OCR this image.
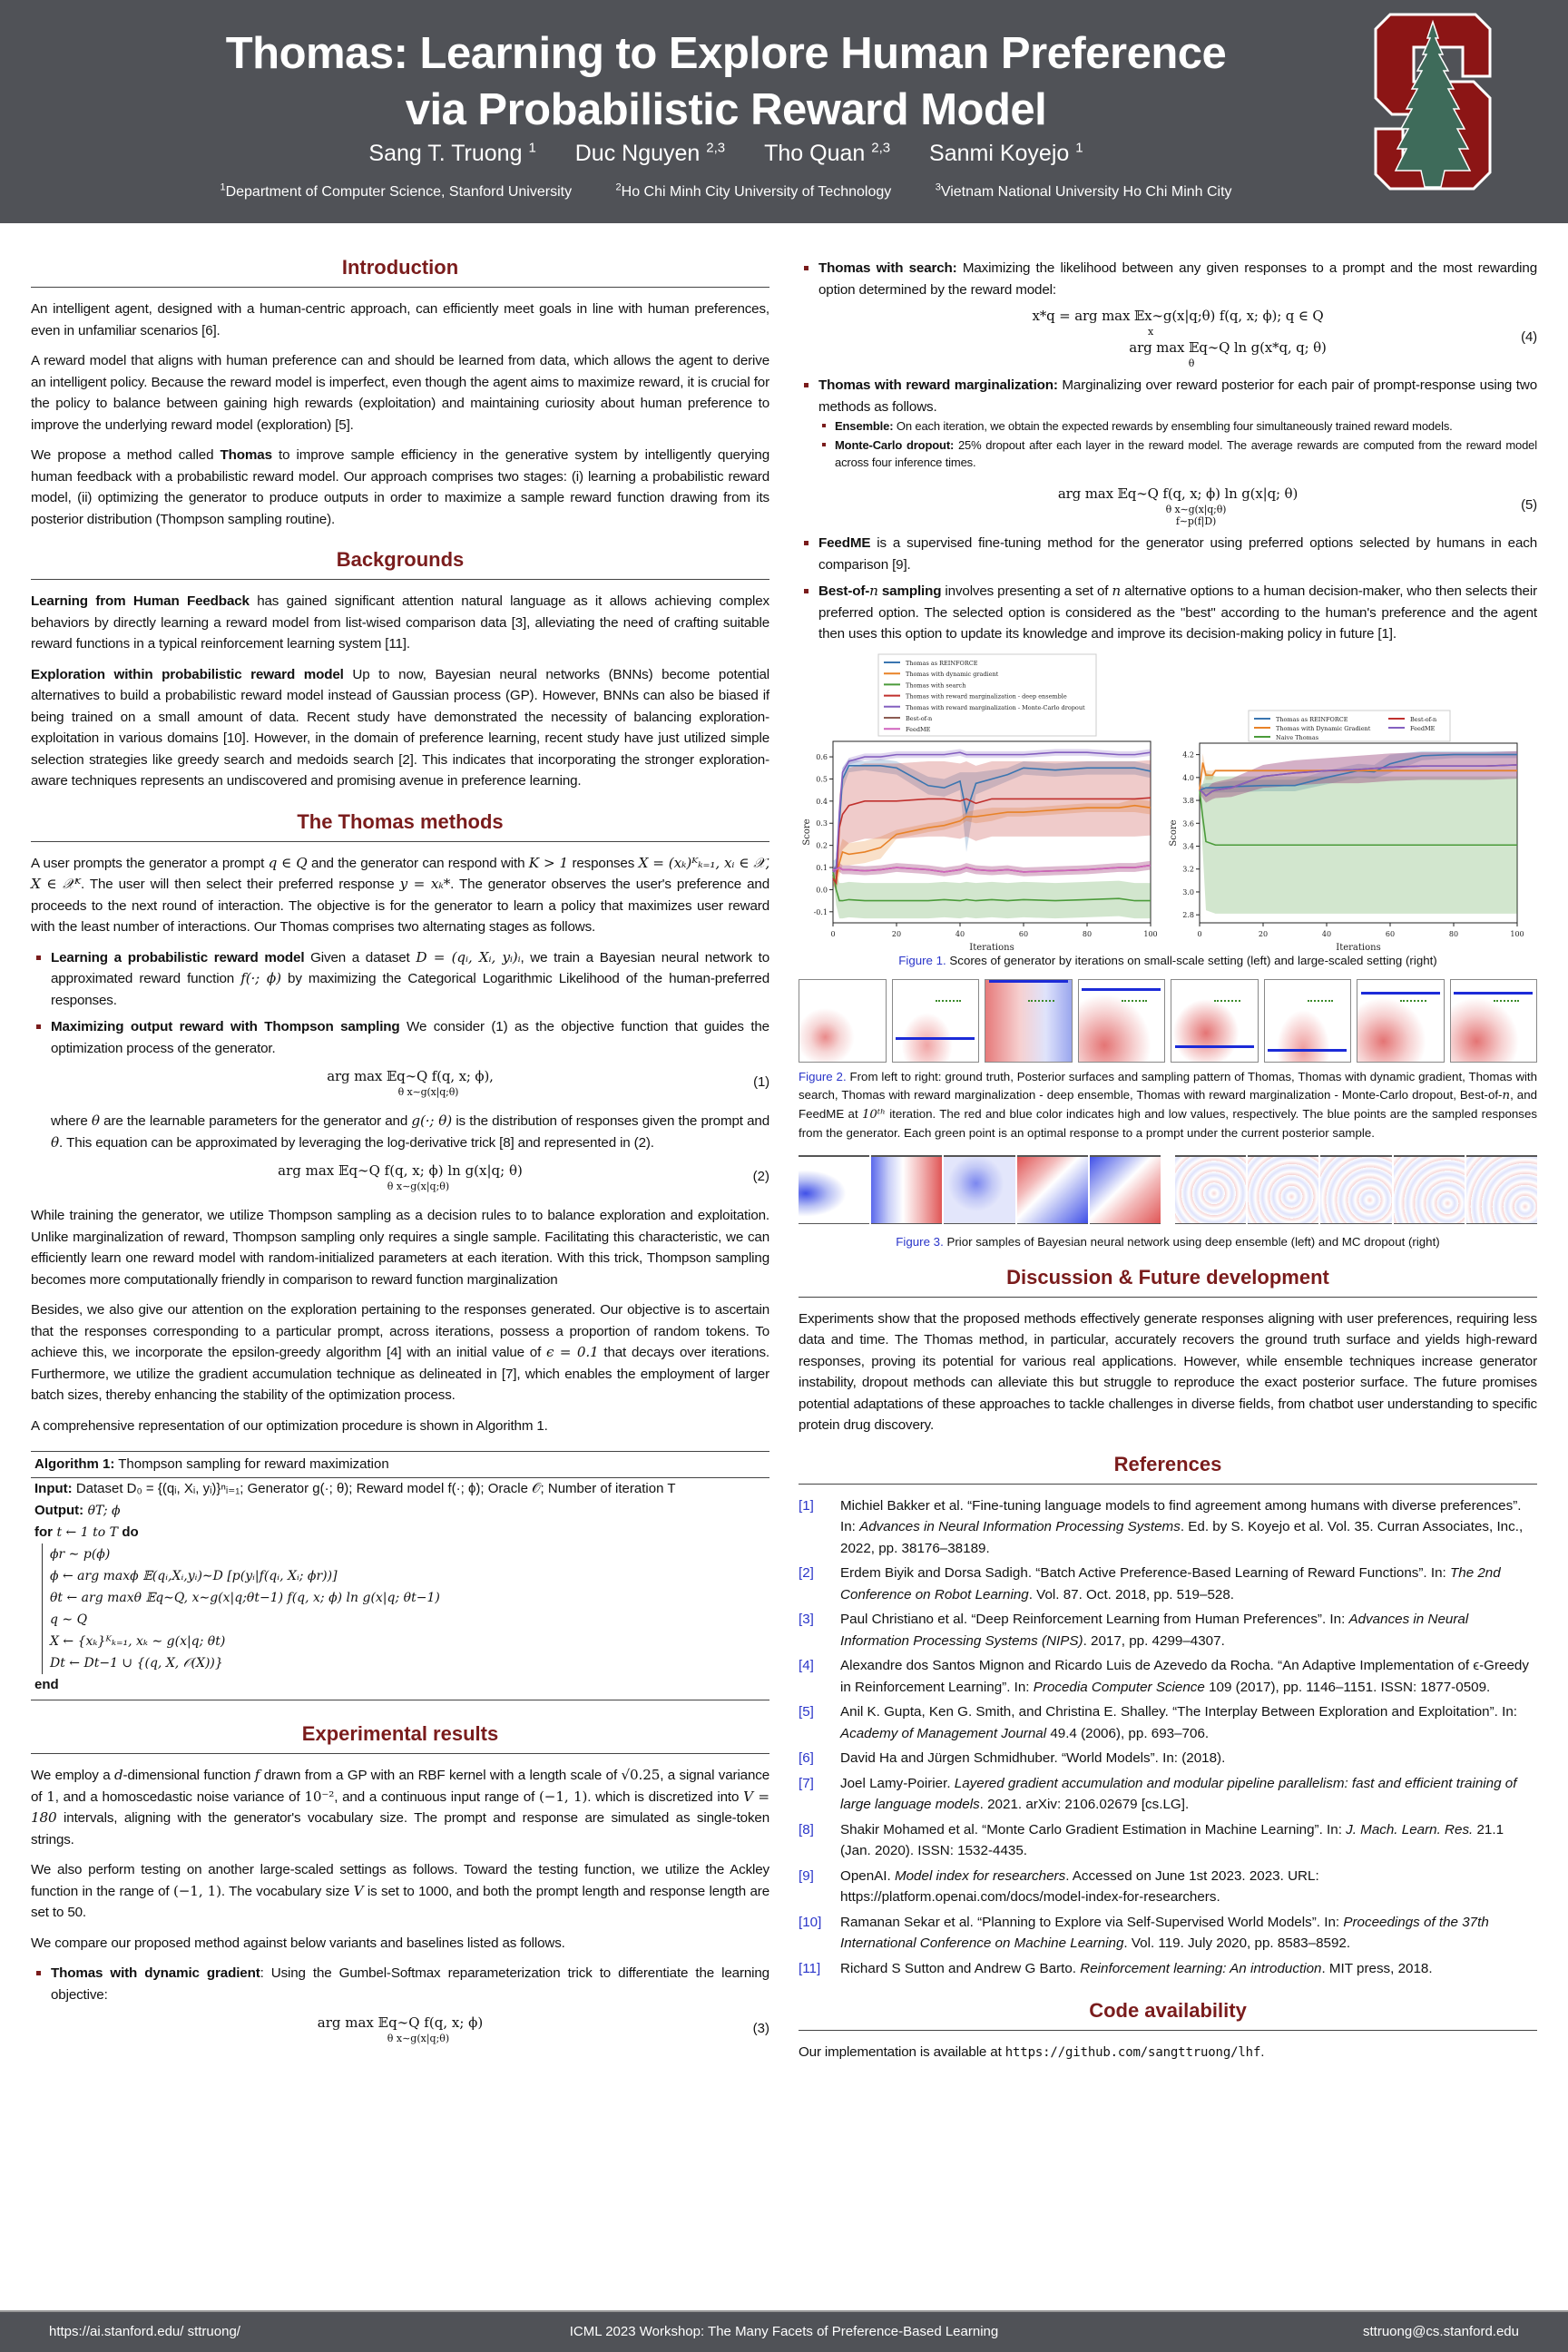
Thomas: Learning to Explore Human Preference
via Probabilistic Reward Model
Sang T. Truong $^1$ Duc Nguyen $^{2,3}$ Tho Quan $^{2,3}$ Sanmi Koyejo $^1$
$^1$Department of Computer Science, Stanford University	$^2$Ho Chi Minh City University of Technology	$^3$Vietnam National University Ho Chi Minh City
Introduction

An intelligent agent, designed with a human-centric approach, can efficiently meet goals in line with human preferences, even in unfamiliar scenarios [6].

A reward model that aligns with human preference can and should be learned from data, which allows the agent to derive an intelligent policy. Because the reward model is imperfect, even though the agent aims to maximize reward, it is crucial for the policy to balance between gaining high rewards (exploitation) and maintaining curiosity about human preference to improve the underlying reward model (exploration) [5].

We propose a method called Thomas to improve sample efficiency in the generative system by intelligently querying human feedback with a probabilistic reward model. Our approach comprises two stages: (i) learning a probabilistic reward model, (ii) optimizing the generator to produce outputs in order to maximize a sample reward function drawing from its posterior distribution (Thompson sampling routine).

Backgrounds

Learning from Human Feedback has gained significant attention natural language as it allows achieving complex behaviors by directly learning a reward model from list-wised comparison data [3], alleviating the need of crafting suitable reward functions in a typical reinforcement learning system [11].

Exploration within probabilistic reward model Up to now, Bayesian neural networks (BNNs) become potential alternatives to build a probabilistic reward model instead of Gaussian process (GP). However, BNNs can also be biased if being trained on a small amount of data. Recent study have demonstrated the necessity of balancing exploration-exploitation in various domains [10]. However, in the domain of preference learning, recent study have just utilized simple selection strategies like greedy search and medoids search [2]. This indicates that incorporating the stronger exploration-aware techniques represents an undiscovered and promising avenue in preference learning.

The Thomas methods

A user prompts the generator a prompt q ∈ Q and the generator can respond with K > 1 responses X = (xₖ)ᴷₖ₌₁, xᵢ ∈ 𝒳, X ∈ 𝒳ᴷ. The user will then select their preferred response y = xₖ*. The generator observes the user's preference and proceeds to the next round of interaction. The objective is for the generator to learn a policy that maximizes user reward with the least number of interactions. Our Thomas comprises two alternating stages as follows.

Learning a probabilistic reward model Given a dataset D = (qᵢ, Xᵢ, yᵢ)ᵢ, we train a Bayesian neural network to approximated reward function f(·; ϕ) by maximizing the Categorical Logarithmic Likelihood of the human-preferred responses.
Maximizing output reward with Thompson sampling We consider (1) as the objective function that guides the optimization process of the generator.
arg max 𝔼q∼Q f(q, x; ϕ),
θ x∼g(x|q;θ)
(1)
where θ are the learnable parameters for the generator and g(·; θ) is the distribution of responses given the prompt and θ. This equation can be approximated by leveraging the log-derivative trick [8] and represented in (2).
arg max 𝔼q∼Q f(q, x; ϕ) ln g(x|q; θ)
θ x∼g(x|q;θ)
(2)

While training the generator, we utilize Thompson sampling as a decision rules to to balance exploration and exploitation. Unlike marginalization of reward, Thompson sampling only requires a single sample. Facilitating this characteristic, we can efficiently learn one reward model with random-initialized parameters at each iteration. With this trick, Thompson sampling becomes more computationally friendly in comparison to reward function marginalization

Besides, we also give our attention on the exploration pertaining to the responses generated. Our objective is to ascertain that the responses corresponding to a particular prompt, across iterations, possess a proportion of random tokens. To achieve this, we incorporate the epsilon-greedy algorithm [4] with an initial value of ϵ = 0.1 that decays over iterations. Furthermore, we utilize the gradient accumulation technique as delineated in [7], which enables the employment of larger batch sizes, thereby enhancing the stability of the optimization process.

A comprehensive representation of our optimization procedure is shown in Algorithm 1.

Algorithm 1: Thompson sampling for reward maximization
Input: Dataset D₀ = {(qᵢ, Xᵢ, yᵢ)}ⁿᵢ₌₁; Generator g(·; θ); Reward model f(·; ϕ); Oracle 𝒪; Number of iteration T
Output: θT; ϕ
for t ← 1 to T do
ϕr ∼ p(ϕ)
ϕ ← arg maxϕ 𝔼(qᵢ,Xᵢ,yᵢ)∼D [p(yᵢ|f(qᵢ, Xᵢ; ϕr))]
θt ← arg maxθ 𝔼q∼Q, x∼g(x|q;θt−1) f(q, x; ϕ) ln g(x|q; θt−1)
q ∼ Q
X ← {xₖ}ᴷₖ₌₁, xₖ ∼ g(x|q; θt)
Dt ← Dt−1 ∪ {(q, X, 𝒪(X))}
end
Experimental results

We employ a d-dimensional function f drawn from a GP with an RBF kernel with a length scale of √0.25, a signal variance of 1, and a homoscedastic noise variance of 10⁻², and a continuous input range of (−1, 1). which is discretized into V = 180 intervals, aligning with the generator's vocabulary size. The prompt and response are simulated as single-token strings.

We also perform testing on another large-scaled settings as follows. Toward the testing function, we utilize the Ackley function in the range of (−1, 1). The vocabulary size V is set to 1000, and both the prompt length and response length are set to 50.

We compare our proposed method against below variants and baselines listed as follows.

Thomas with dynamic gradient: Using the Gumbel-Softmax reparameterization trick to differentiate the learning objective:
arg max 𝔼q∼Q f(q, x; ϕ)
θ x∼g(x|q;θ)
(3)
Thomas with search: Maximizing the likelihood between any given responses to a prompt and the most rewarding option determined by the reward model:
x*q = arg max 𝔼x∼g(x|q;θ) f(q, x; ϕ); q ∈ Q
x
arg max 𝔼q∼Q ln g(x*q, q; θ)
θ
(4)
Thomas with reward marginalization: Marginalizing over reward posterior for each pair of prompt-response using two methods as follows.
Ensemble: On each iteration, we obtain the expected rewards by ensembling four simultaneously trained reward models.
Monte-Carlo dropout: 25% dropout after each layer in the reward model. The average rewards are computed from the reward model across four inference times.
arg max 𝔼q∼Q f(q, x; ϕ) ln g(x|q; θ)
θ x∼g(x|q;θ)
f∼p(f|D)
(5)
FeedME is a supervised fine-tuning method for the generator using preferred options selected by humans in each comparison [9].
Best-of-n sampling involves presenting a set of n alternative options to a human decision-maker, who then selects their preferred option. The selected option is considered as the "best" according to the human's preference and the agent then uses this option to update its knowledge and improve its decision-making policy in future [1].
0	20	40	60	80	100
-0.1
0.0
0.1
0.2
0.3
0.4
0.5
0.6
Iterations
Score
Thomas as REINFORCE
Thomas with dynamic gradient
Thomas with search
Thomas with reward marginalization - deep ensemble
Thomas with reward marginalization - Monte-Carlo dropout
Best-of-n
FeedME
0	20	40	60	80	100
2.8
3.0
3.2
3.4
3.6
3.8
4.0
4.2
Iterations
Score
Thomas as REINFORCE
Thomas with Dynamic Gradient
Naive Thomas
Best-of-n
FeedME
Figure 1. Scores of generator by iterations on small-scale setting (left) and large-scaled setting (right)
Figure 2. From left to right: ground truth, Posterior surfaces and sampling pattern of Thomas, Thomas with dynamic gradient, Thomas with search, Thomas with reward marginalization - deep ensemble, Thomas with reward marginalization - Monte-Carlo dropout, Best-of-n, and FeedME at 10ᵗʰ iteration. The red and blue color indicates high and low values, respectively. The blue points are the sampled responses from the generator. Each green point is an optimal response to a prompt under the current posterior sample.
Figure 3. Prior samples of Bayesian neural network using deep ensemble (left) and MC dropout (right)
Discussion & Future development

Experiments show that the proposed methods effectively generate responses aligning with user preferences, requiring less data and time. The Thomas method, in particular, accurately recovers the ground truth surface and yields high-reward responses, proving its potential for various real applications. However, while ensemble techniques increase generator instability, dropout methods can alleviate this but struggle to reproduce the exact posterior surface. The future promises potential adaptations of these approaches to tackle challenges in diverse fields, from chatbot user understanding to specific protein drug discovery.

References
[1]	Michiel Bakker et al. “Fine-tuning language models to find agreement among humans with diverse preferences”. In: Advances in Neural Information Processing Systems. Ed. by S. Koyejo et al. Vol. 35. Curran Associates, Inc., 2022, pp. 38176–38189.
[2]	Erdem Biyik and Dorsa Sadigh. “Batch Active Preference-Based Learning of Reward Functions”. In: The 2nd Conference on Robot Learning. Vol. 87. Oct. 2018, pp. 519–528.
[3]	Paul Christiano et al. “Deep Reinforcement Learning from Human Preferences”. In: Advances in Neural Information Processing Systems (NIPS). 2017, pp. 4299–4307.
[4]	Alexandre dos Santos Mignon and Ricardo Luis de Azevedo da Rocha. “An Adaptive Implementation of ϵ-Greedy in Reinforcement Learning”. In: Procedia Computer Science 109 (2017), pp. 1146–1151. ISSN: 1877-0509.
[5]	Anil K. Gupta, Ken G. Smith, and Christina E. Shalley. “The Interplay Between Exploration and Exploitation”. In: Academy of Management Journal 49.4 (2006), pp. 693–706.
[6]	David Ha and Jürgen Schmidhuber. “World Models”. In: (2018).
[7]	Joel Lamy-Poirier. Layered gradient accumulation and modular pipeline parallelism: fast and efficient training of large language models. 2021. arXiv: 2106.02679 [cs.LG].
[8]	Shakir Mohamed et al. “Monte Carlo Gradient Estimation in Machine Learning”. In: J. Mach. Learn. Res. 21.1 (Jan. 2020). ISSN: 1532-4435.
[9]	OpenAI. Model index for researchers. Accessed on June 1st 2023. 2023. URL: https://platform.openai.com/docs/model-index-for-researchers.
[10]	Ramanan Sekar et al. “Planning to Explore via Self-Supervised World Models”. In: Proceedings of the 37th International Conference on Machine Learning. Vol. 119. July 2020, pp. 8583–8592.
[11]	Richard S Sutton and Andrew G Barto. Reinforcement learning: An introduction. MIT press, 2018.
Code availability

Our implementation is available at https://github.com/sangttruong/lhf.

https://ai.stanford.edu/ sttruong/	ICML 2023 Workshop: The Many Facets of Preference-Based Learning	sttruong@cs.stanford.edu
